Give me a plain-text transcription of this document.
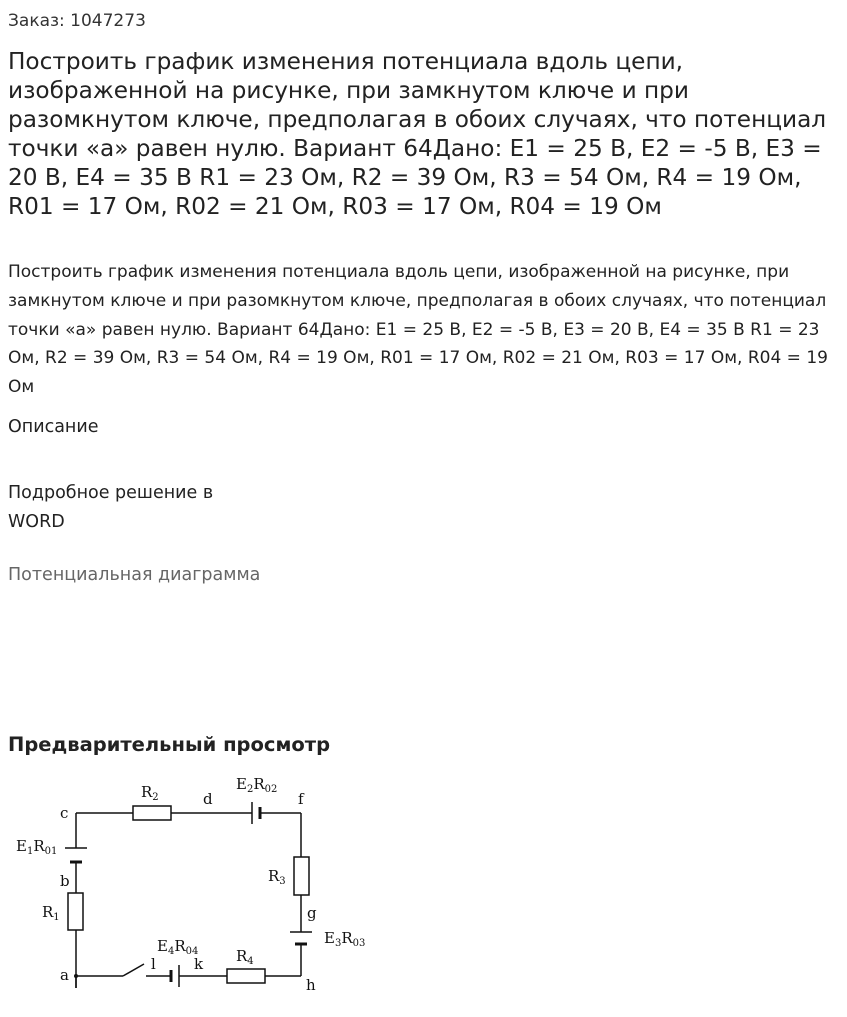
Заказ: 1047273
Построить график изменения потенциала вдоль цепи, изображенной на рисунке, при замкнутом ключе и при разомкнутом ключе, предполагая в обоих случаях, что потенциал точки «а» равен нулю. Вариант 64Дано: E1 = 25 В, E2 = -5 В, E3 = 20 В, E4 = 35 В R1 = 23 Ом, R2 = 39 Ом, R3 = 54 Ом, R4 = 19 Ом, R01 = 17 Ом, R02 = 21 Ом, R03 = 17 Ом, R04 = 19 Ом

Построить график изменения потенциала вдоль цепи, изображенной на рисунке, при замкнутом ключе и при разомкнутом ключе, предполагая в обоих случаях, что потенциал точки «а» равен нулю. Вариант 64Дано: E1 = 25 В, E2 = -5 В, E3 = 20 В, E4 = 35 В R1 = 23 Ом, R2 = 39 Ом, R3 = 54 Ом, R4 = 19 Ом, R01 = 17 Ом, R02 = 21 Ом, R03 = 17 Ом, R04 = 19 Ом

Описание
Подробное решение в WORD
Потенциальная диаграмма
Предварительный просмотр
c
b
a
d	f
g
h
l	k
$E_1R_{01}$
$R_1$
$R_2$
$E_2R_{02}$
$R_3$
$E_3R_{03}$
$R_4$
$E_4R_{04}$
